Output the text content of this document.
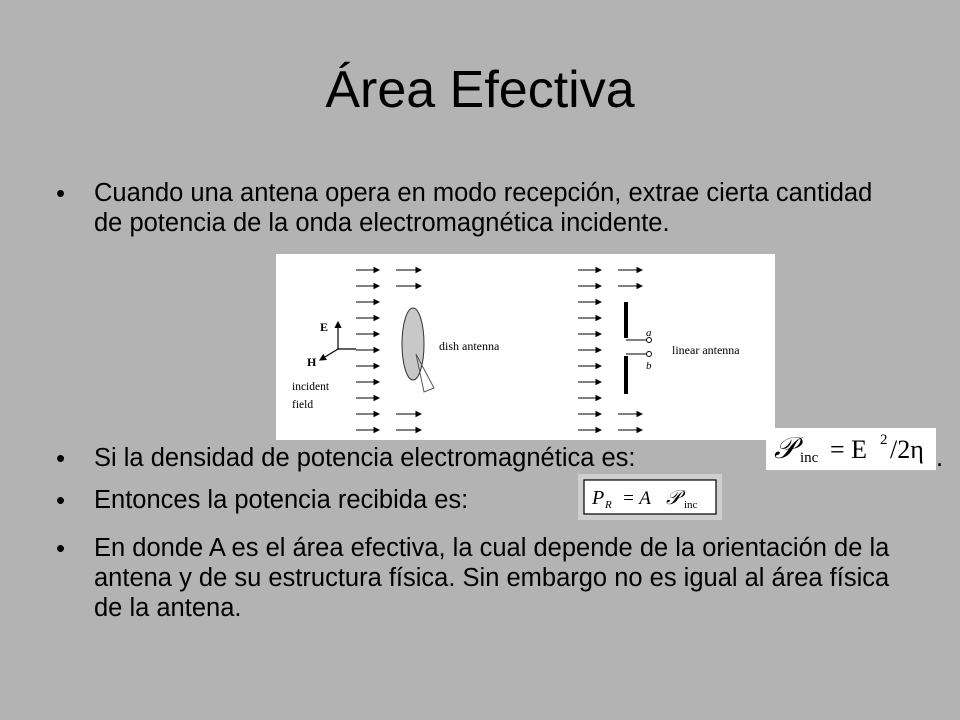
Área Efectiva
• Cuando una antena opera en modo recepción, extrae cierta cantidad de potencia de la onda electromagnética incidente.
E
H
incident
field
dish antenna
a
b
linear antenna
• Si la densidad de potencia electromagnética es:	𝒫 inc = E 2 /2η .
• Entonces la potencia recibida es:	P R = A 𝒫 inc
• En donde A es el área efectiva, la cual depende de la orientación de la antena y de su estructura física. Sin embargo no es igual al área física de la antena.
